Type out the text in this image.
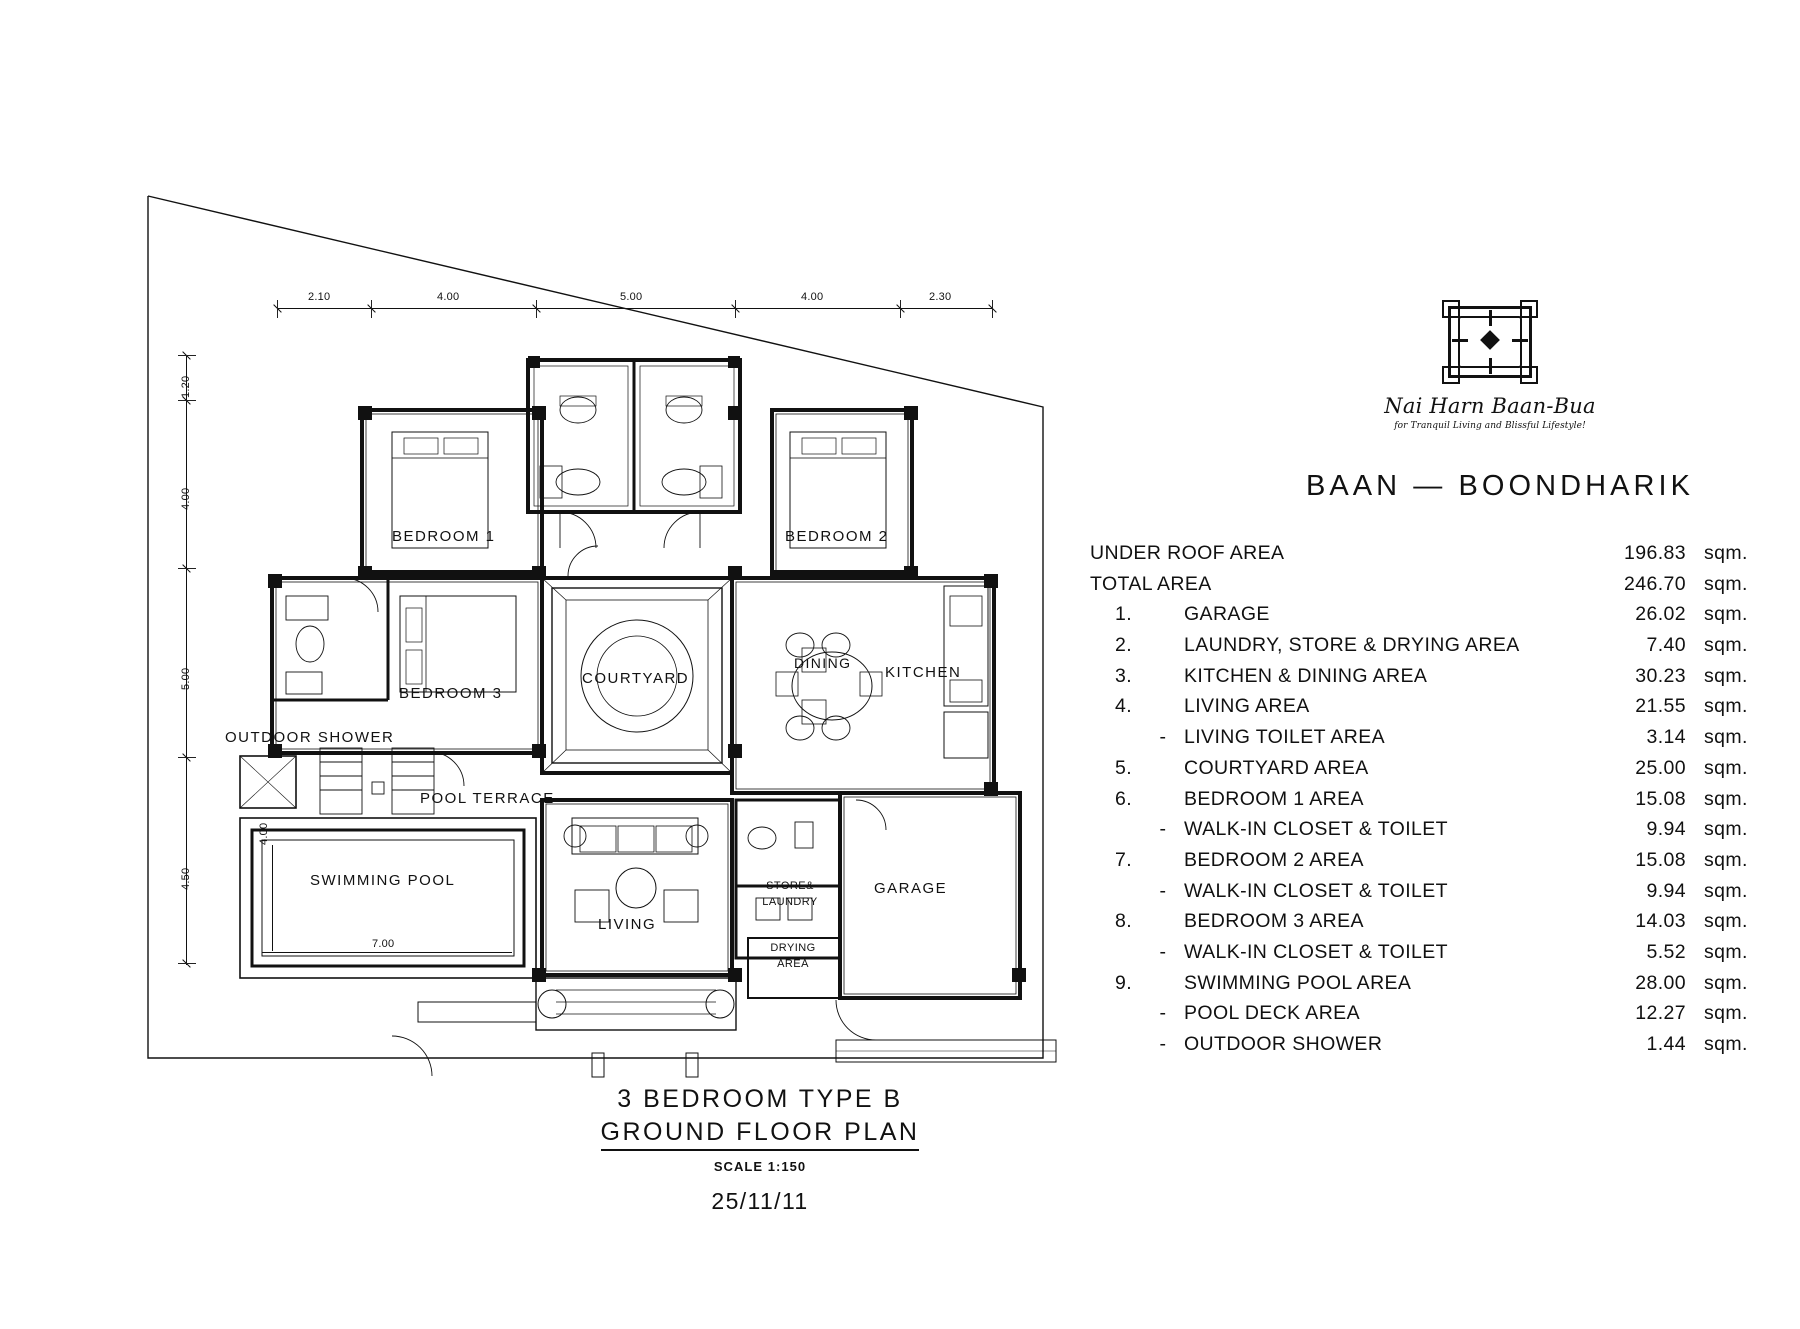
2.10	4.00	5.00	4.00	2.30
1.20
4.00
5.00
4.50
7.00
4.00
BEDROOM 1	BEDROOM 2
BEDROOM 3
COURTYARD
DINING
KITCHEN
LIVING
GARAGE
STORE&
LAUNDRY
DRYING
AREA
SWIMMING POOL
POOL TERRACE
OUTDOOR SHOWER
3 BEDROOM TYPE B
GROUND FLOOR PLAN
SCALE 1:150
25/11/11
Nai Harn Baan-Bua
for Tranquil Living and Blissful Lifestyle!
BAAN — BOONDHARIK
UNDER ROOF AREA	196.83 sqm.
TOTAL AREA	246.70 sqm.
1.	GARAGE	26.02 sqm.
2.	LAUNDRY, STORE & DRYING AREA	7.40 sqm.
3.	KITCHEN & DINING AREA	30.23 sqm.
4.	LIVING AREA	21.55 sqm.
- LIVING TOILET AREA	3.14 sqm.
5.	COURTYARD AREA	25.00 sqm.
6.	BEDROOM 1 AREA	15.08 sqm.
- WALK-IN CLOSET & TOILET	9.94 sqm.
7.	BEDROOM 2 AREA	15.08 sqm.
- WALK-IN CLOSET & TOILET	9.94 sqm.
8.	BEDROOM 3 AREA	14.03 sqm.
- WALK-IN CLOSET & TOILET	5.52 sqm.
9.	SWIMMING POOL AREA	28.00 sqm.
- POOL DECK AREA	12.27 sqm.
- OUTDOOR SHOWER	1.44 sqm.
